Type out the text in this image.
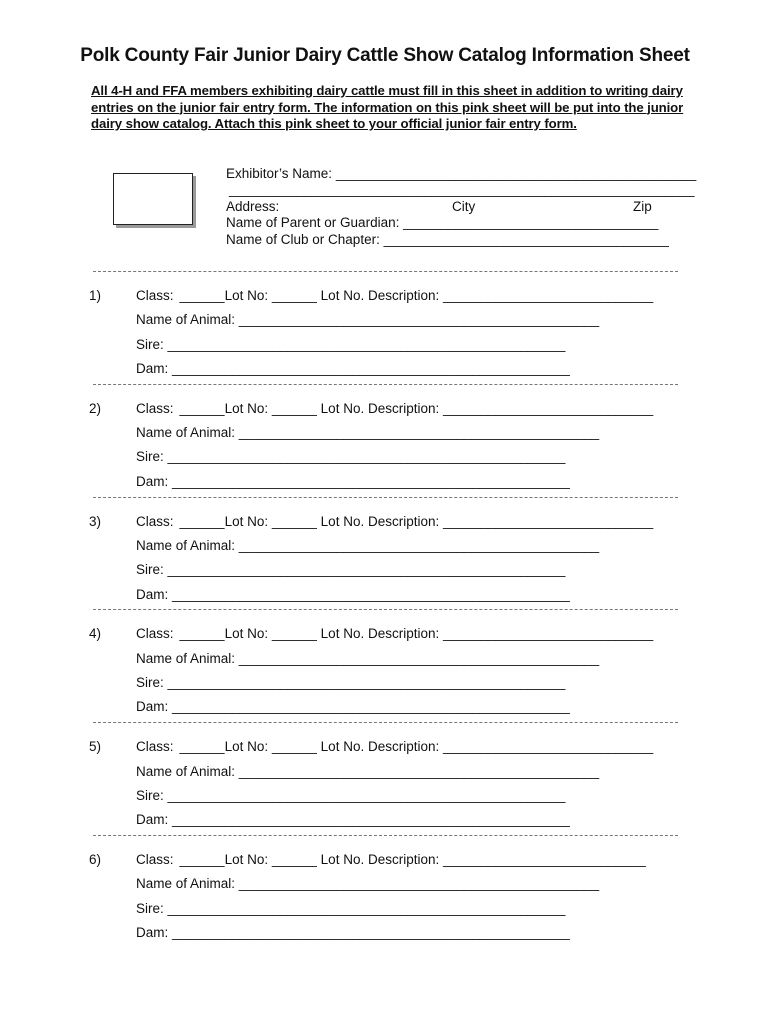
Polk County Fair Junior Dairy Cattle Show Catalog Information Sheet
All 4-H and FFA members exhibiting dairy cattle must fill in this sheet in addition to writing dairy entries on the junior fair entry form. The information on this pink sheet will be put into the junior dairy show catalog. Attach this pink sheet to your official junior fair entry form.
Exhibitor’s Name: ________________________________________________
______________________________________________________________
Address:	City	Zip
Name of Parent or Guardian: __________________________________
Name of Club or Chapter: ______________________________________
1)	Class: ______Lot No: ______ Lot No. Description: ____________________________
Name of Animal: ________________________________________________
Sire: _____________________________________________________
Dam: _____________________________________________________
2)	Class: ______Lot No: ______ Lot No. Description: ____________________________
Name of Animal: ________________________________________________
Sire: _____________________________________________________
Dam: _____________________________________________________
3)	Class: ______Lot No: ______ Lot No. Description: ____________________________
Name of Animal: ________________________________________________
Sire: _____________________________________________________
Dam: _____________________________________________________
4)	Class: ______Lot No: ______ Lot No. Description: ____________________________
Name of Animal: ________________________________________________
Sire: _____________________________________________________
Dam: _____________________________________________________
5)	Class: ______Lot No: ______ Lot No. Description: ____________________________
Name of Animal: ________________________________________________
Sire: _____________________________________________________
Dam: _____________________________________________________
6)	Class: ______Lot No: ______ Lot No. Description: ___________________________
Name of Animal: ________________________________________________
Sire: _____________________________________________________
Dam: _____________________________________________________
